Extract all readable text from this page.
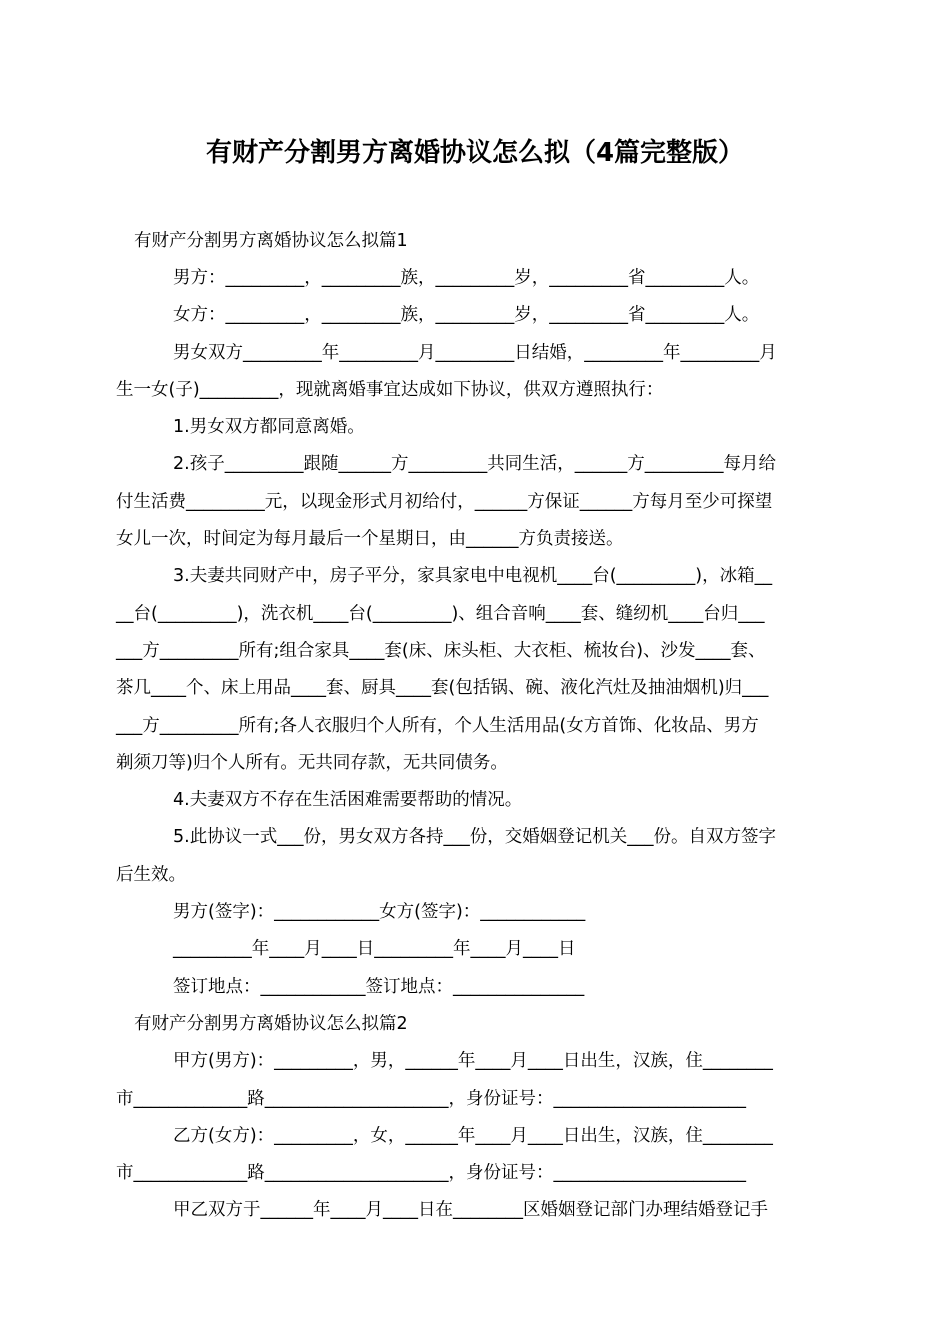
有财产分割男方离婚协议怎么拟（4篇完整版）
有财产分割男方离婚协议怎么拟篇1
男方：_________，_________族，_________岁，_________省_________人。
女方：_________，_________族，_________岁，_________省_________人。
男女双方_________年_________月_________日结婚，_________年_________月
生一女(子)_________，现就离婚事宜达成如下协议，供双方遵照执行：
1.男女双方都同意离婚。
2.孩子_________跟随______方_________共同生活，______方_________每月给
付生活费_________元，以现金形式月初给付，______方保证______方每月至少可探望
女儿一次，时间定为每月最后一个星期日，由______方负责接送。
3.夫妻共同财产中，房子平分，家具家电中电视机____台(_________)，冰箱__
__台(_________)，洗衣机____台(_________)、组合音响____套、缝纫机____台归___
___方_________所有;组合家具____套(床、床头柜、大衣柜、梳妆台)、沙发____套、
茶几____个、床上用品____套、厨具____套(包括锅、碗、液化汽灶及抽油烟机)归___
___方_________所有;各人衣服归个人所有，个人生活用品(女方首饰、化妆品、男方
剃须刀等)归个人所有。无共同存款，无共同债务。
4.夫妻双方不存在生活困难需要帮助的情况。
5.此协议一式___份，男女双方各持___份，交婚姻登记机关___份。自双方签字
后生效。
男方(签字)：____________女方(签字)：____________
_________年____月____日_________年____月____日
签订地点：____________签订地点：_______________
有财产分割男方离婚协议怎么拟篇2
甲方(男方)：_________，男，______年____月____日出生，汉族，住________
市_____________路_____________________，身份证号：______________________
乙方(女方)：_________，女，______年____月____日出生，汉族，住________
市_____________路_____________________，身份证号：______________________
甲乙双方于______年____月____日在________区婚姻登记部门办理结婚登记手
